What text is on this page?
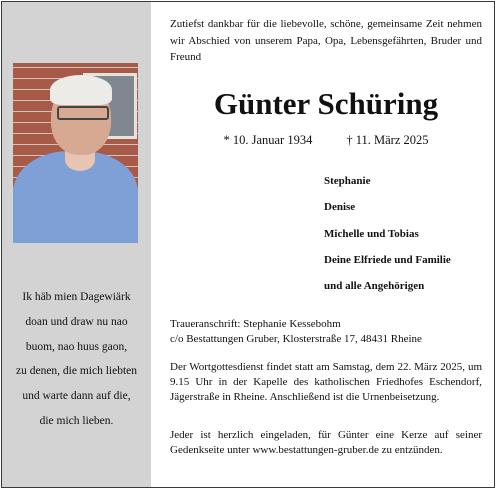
Ik häb mien Dagewiärk
doan und draw nu nao
buom, nao huus gaon,
zu denen, die mich liebten
und warte dann auf die,
die mich lieben.
Zutiefst dankbar für die liebevolle, schöne, gemeinsame Zeit nehmen wir Abschied von unserem Papa, Opa, Lebensgefährten, Bruder und Freund
Günter Schüring
* 10. Januar 1934	† 11. März 2025
Stephanie
Denise
Michelle und Tobias
Deine Elfriede und Familie
und alle Angehörigen
Traueranschrift: Stephanie Kessebohm
c/o Bestattungen Gruber, Klosterstraße 17, 48431 Rheine
Der Wortgottesdienst findet statt am Samstag, dem 22. März 2025, um 9.15 Uhr in der Kapelle des katholischen Friedhofes Eschendorf, Jägerstraße in Rheine. Anschließend ist die Urnenbeisetzung.
Jeder ist herzlich eingeladen, für Günter eine Kerze auf seiner Gedenkseite unter www.bestattungen-gruber.de zu entzünden.
